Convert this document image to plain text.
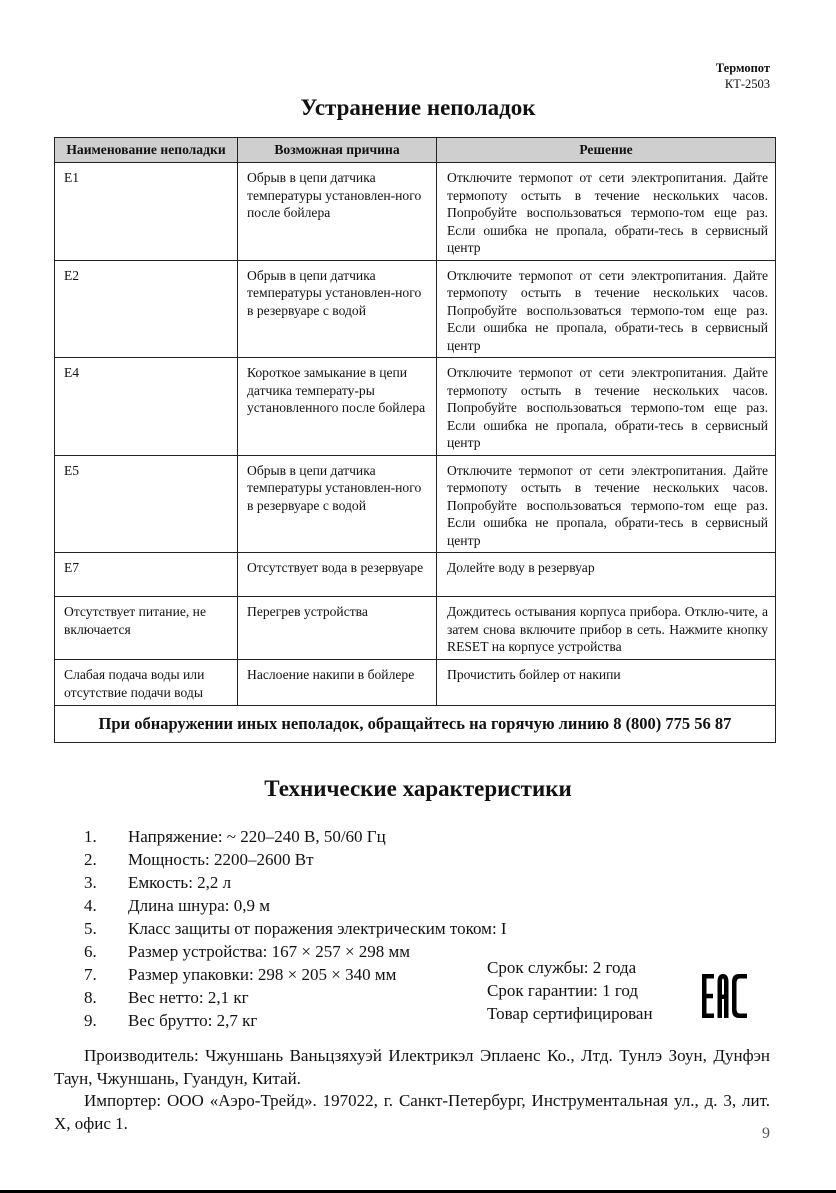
Термопот
КТ-2503
Устранение неполадок
Наименование неполадки	Возможная причина	Решение
E1	Обрыв в цепи датчика температуры установлен-ного после бойлера	Отключите термопот от сети электропитания. Дайте термопоту остыть в течение нескольких часов. Попробуйте воспользоваться термопо-том еще раз. Если ошибка не пропала, обрати-тесь в сервисный центр
E2	Обрыв в цепи датчика температуры установлен-ного в резервуаре с водой	Отключите термопот от сети электропитания. Дайте термопоту остыть в течение нескольких часов. Попробуйте воспользоваться термопо-том еще раз. Если ошибка не пропала, обрати-тесь в сервисный центр
E4	Короткое замыкание в цепи датчика температу-ры установленного после бойлера	Отключите термопот от сети электропитания. Дайте термопоту остыть в течение нескольких часов. Попробуйте воспользоваться термопо-том еще раз. Если ошибка не пропала, обрати-тесь в сервисный центр
E5	Обрыв в цепи датчика температуры установлен-ного в резервуаре с водой	Отключите термопот от сети электропитания. Дайте термопоту остыть в течение нескольких часов. Попробуйте воспользоваться термопо-том еще раз. Если ошибка не пропала, обрати-тесь в сервисный центр
E7	Отсутствует вода в резервуаре	Долейте воду в резервуар
Отсутствует питание, не включается	Перегрев устройства	Дождитесь остывания корпуса прибора. Отклю-чите, а затем снова включите прибор в сеть. Нажмите кнопку RESET на корпусе устройства
Слабая подача воды или отсутствие подачи воды	Наслоение накипи в бойлере	Прочистить бойлер от накипи
При обнаружении иных неполадок, обращайтесь на горячую линию 8 (800) 775 56 87		
Технические характеристики
1.	Напряжение: ~ 220–240 В, 50/60 Гц
2.	Мощность: 2200–2600 Вт
3.	Емкость: 2,2 л
4.	Длина шнура: 0,9 м
5.	Класс защиты от поражения электрическим током: I
6.	Размер устройства: 167 × 257 × 298 мм
7.	Размер упаковки: 298 × 205 × 340 мм
8.	Вес нетто: 2,1 кг
9.	Вес брутто: 2,7 кг
Срок службы: 2 года
Срок гарантии: 1 год
Товар сертифицирован
Производитель: Чжуншань Ваньцзяхуэй Илектрикэл Эплаенс Ко., Лтд. Тунлэ Зоун, Дунфэн Таун, Чжуншань, Гуандун, Китай.
Импортер: ООО «Аэро-Трейд». 197022, г. Санкт-Петербург, Инструментальная ул., д. 3, лит. Х, офис 1.
9
